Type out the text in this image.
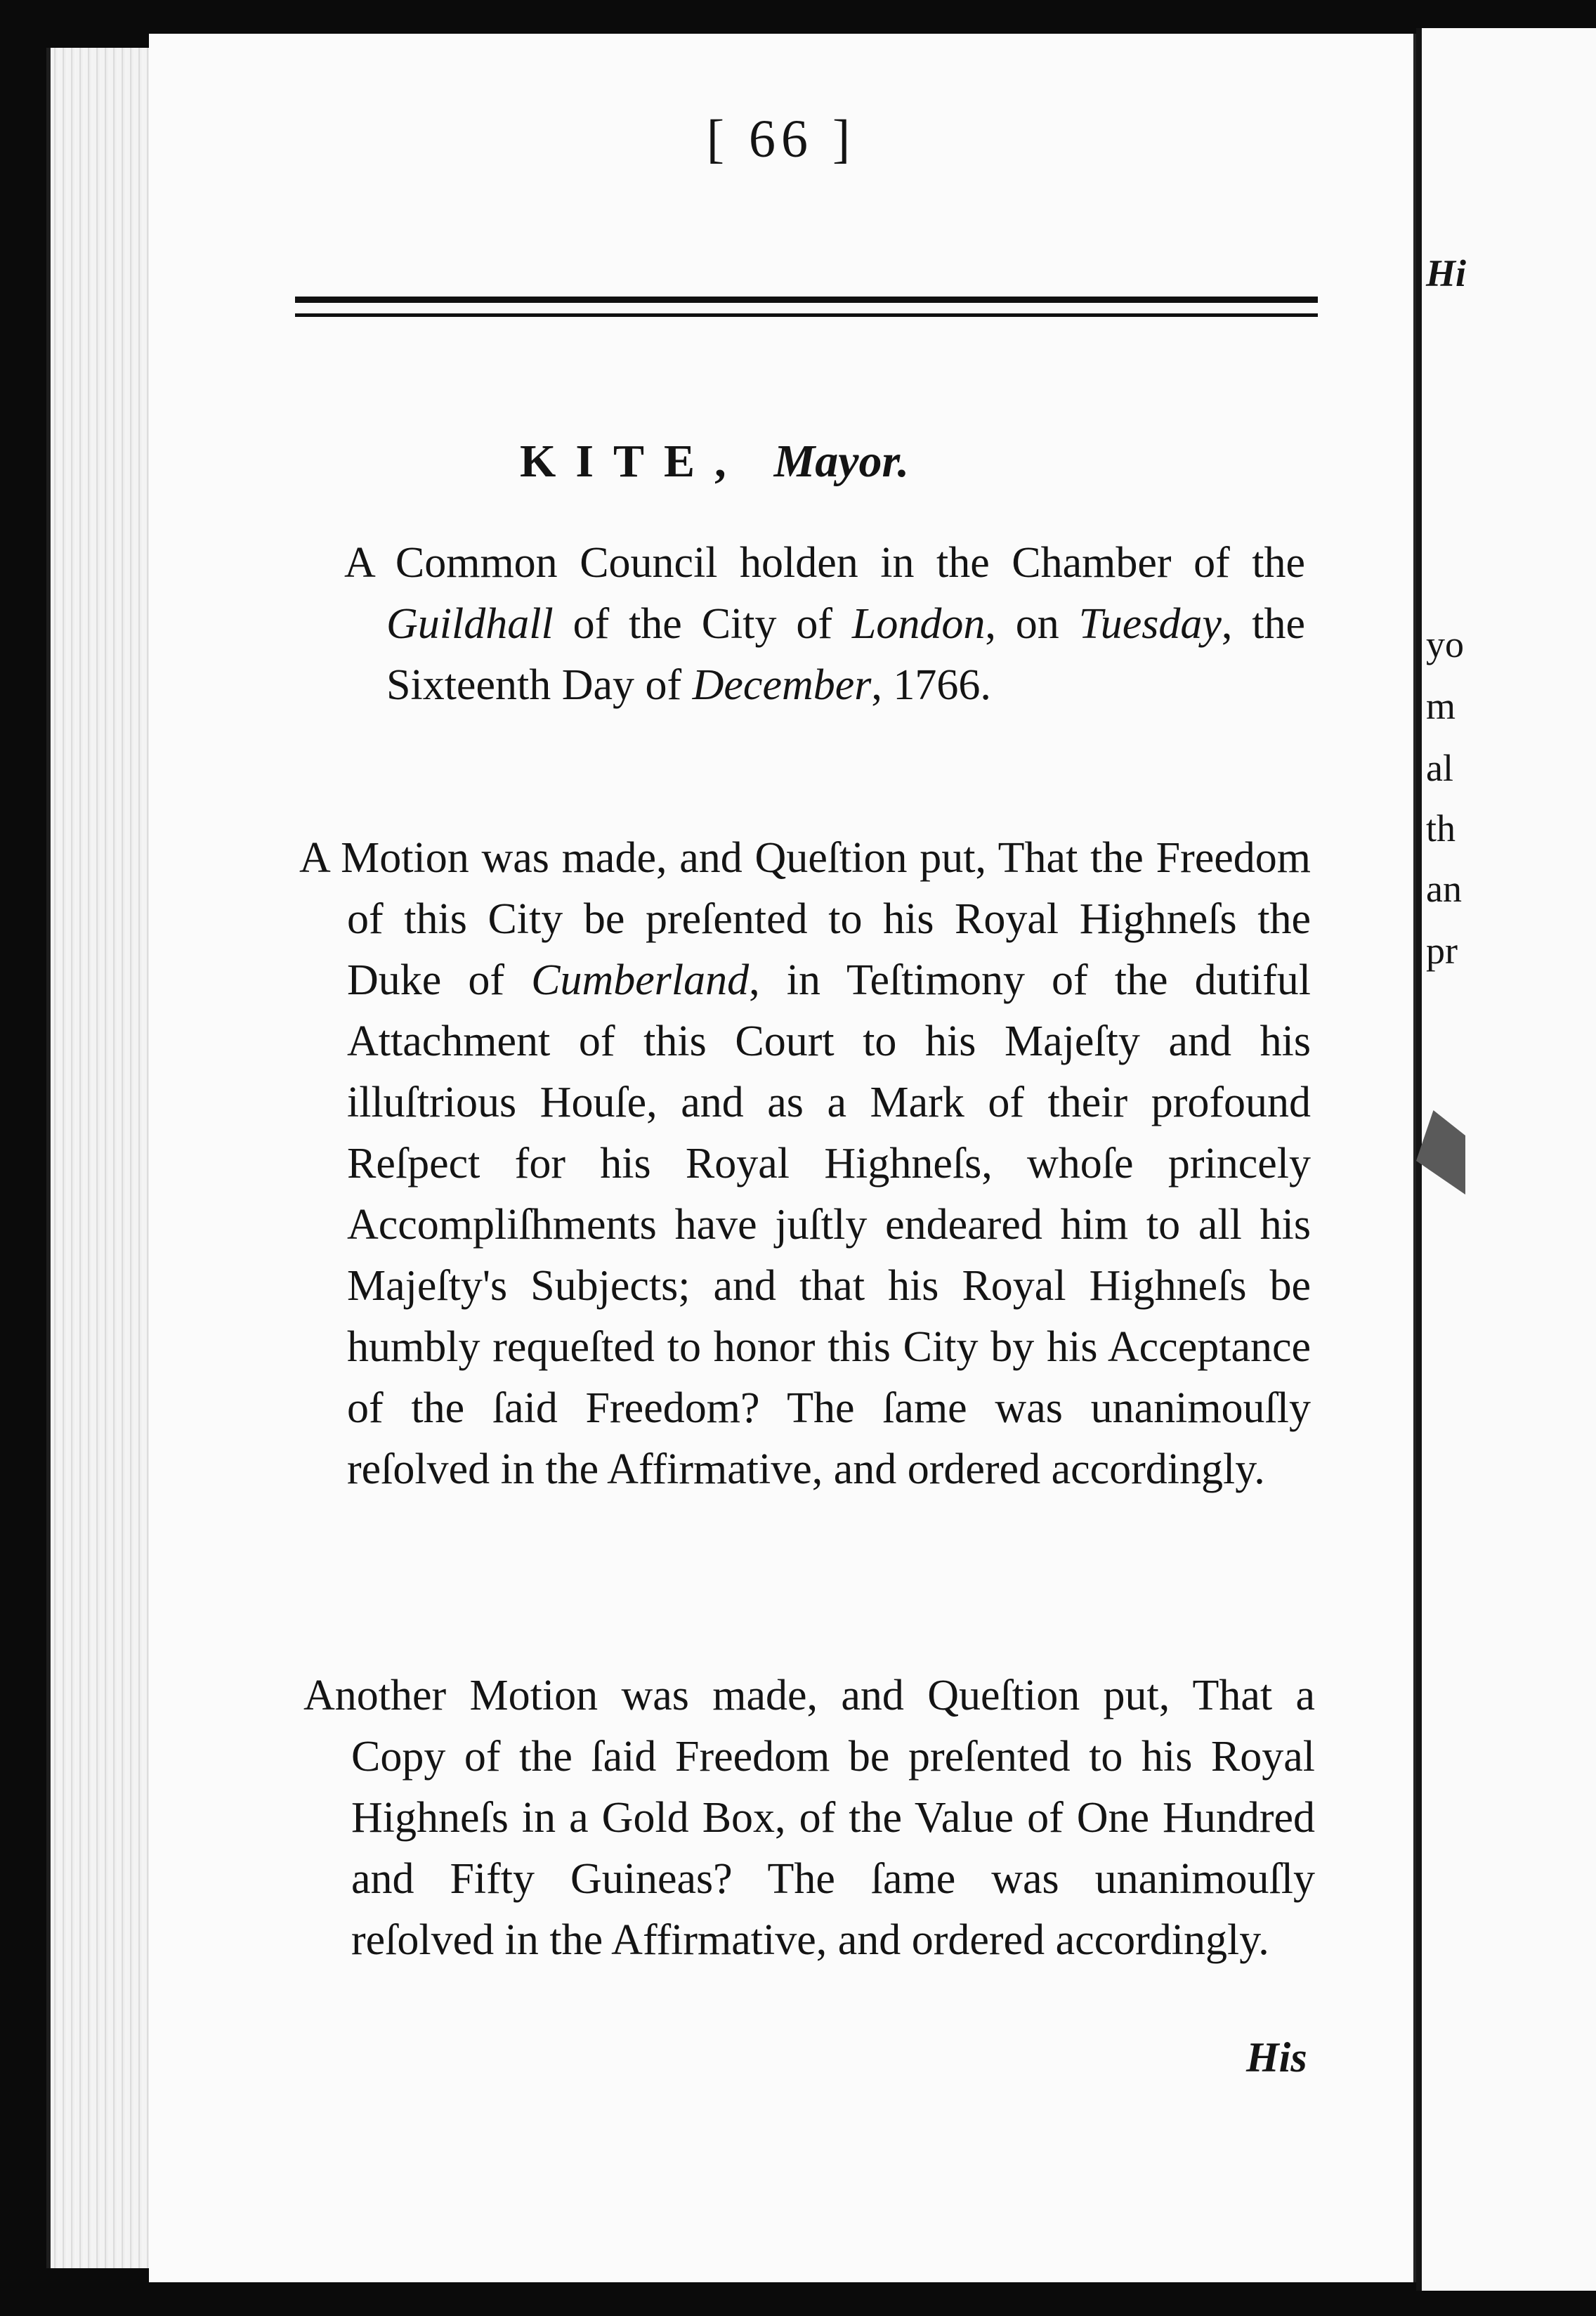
Hi
yo
m
al
th
an
pr
[ 66 ]
KITE, Mayor.

A Common Council holden in the Chamber of the Guildhall of the City of London, on Tuesday, the Sixteenth Day of December, 1766.

A Motion was made, and Queſtion put, That the Freedom of this City be preſented to his Royal Highneſs the Duke of Cumberland, in Teſtimony of the dutiful Attachment of this Court to his Majeſty and his illuſtrious Houſe, and as a Mark of their profound Reſpect for his Royal Highneſs, whoſe princely Accompliſhments have juſtly endeared him to all his Majeſty's Subjects; and that his Royal Highneſs be humbly requeſted to honor this City by his Acceptance of the ſaid Freedom? The ſame was unanimouſly reſolved in the Affirmative, and ordered accordingly.

Another Motion was made, and Queſtion put, That a Copy of the ſaid Freedom be preſented to his Royal Highneſs in a Gold Box, of the Value of One Hundred and Fifty Guineas? The ſame was unanimouſly reſolved in the Affirmative, and ordered accordingly.

His
